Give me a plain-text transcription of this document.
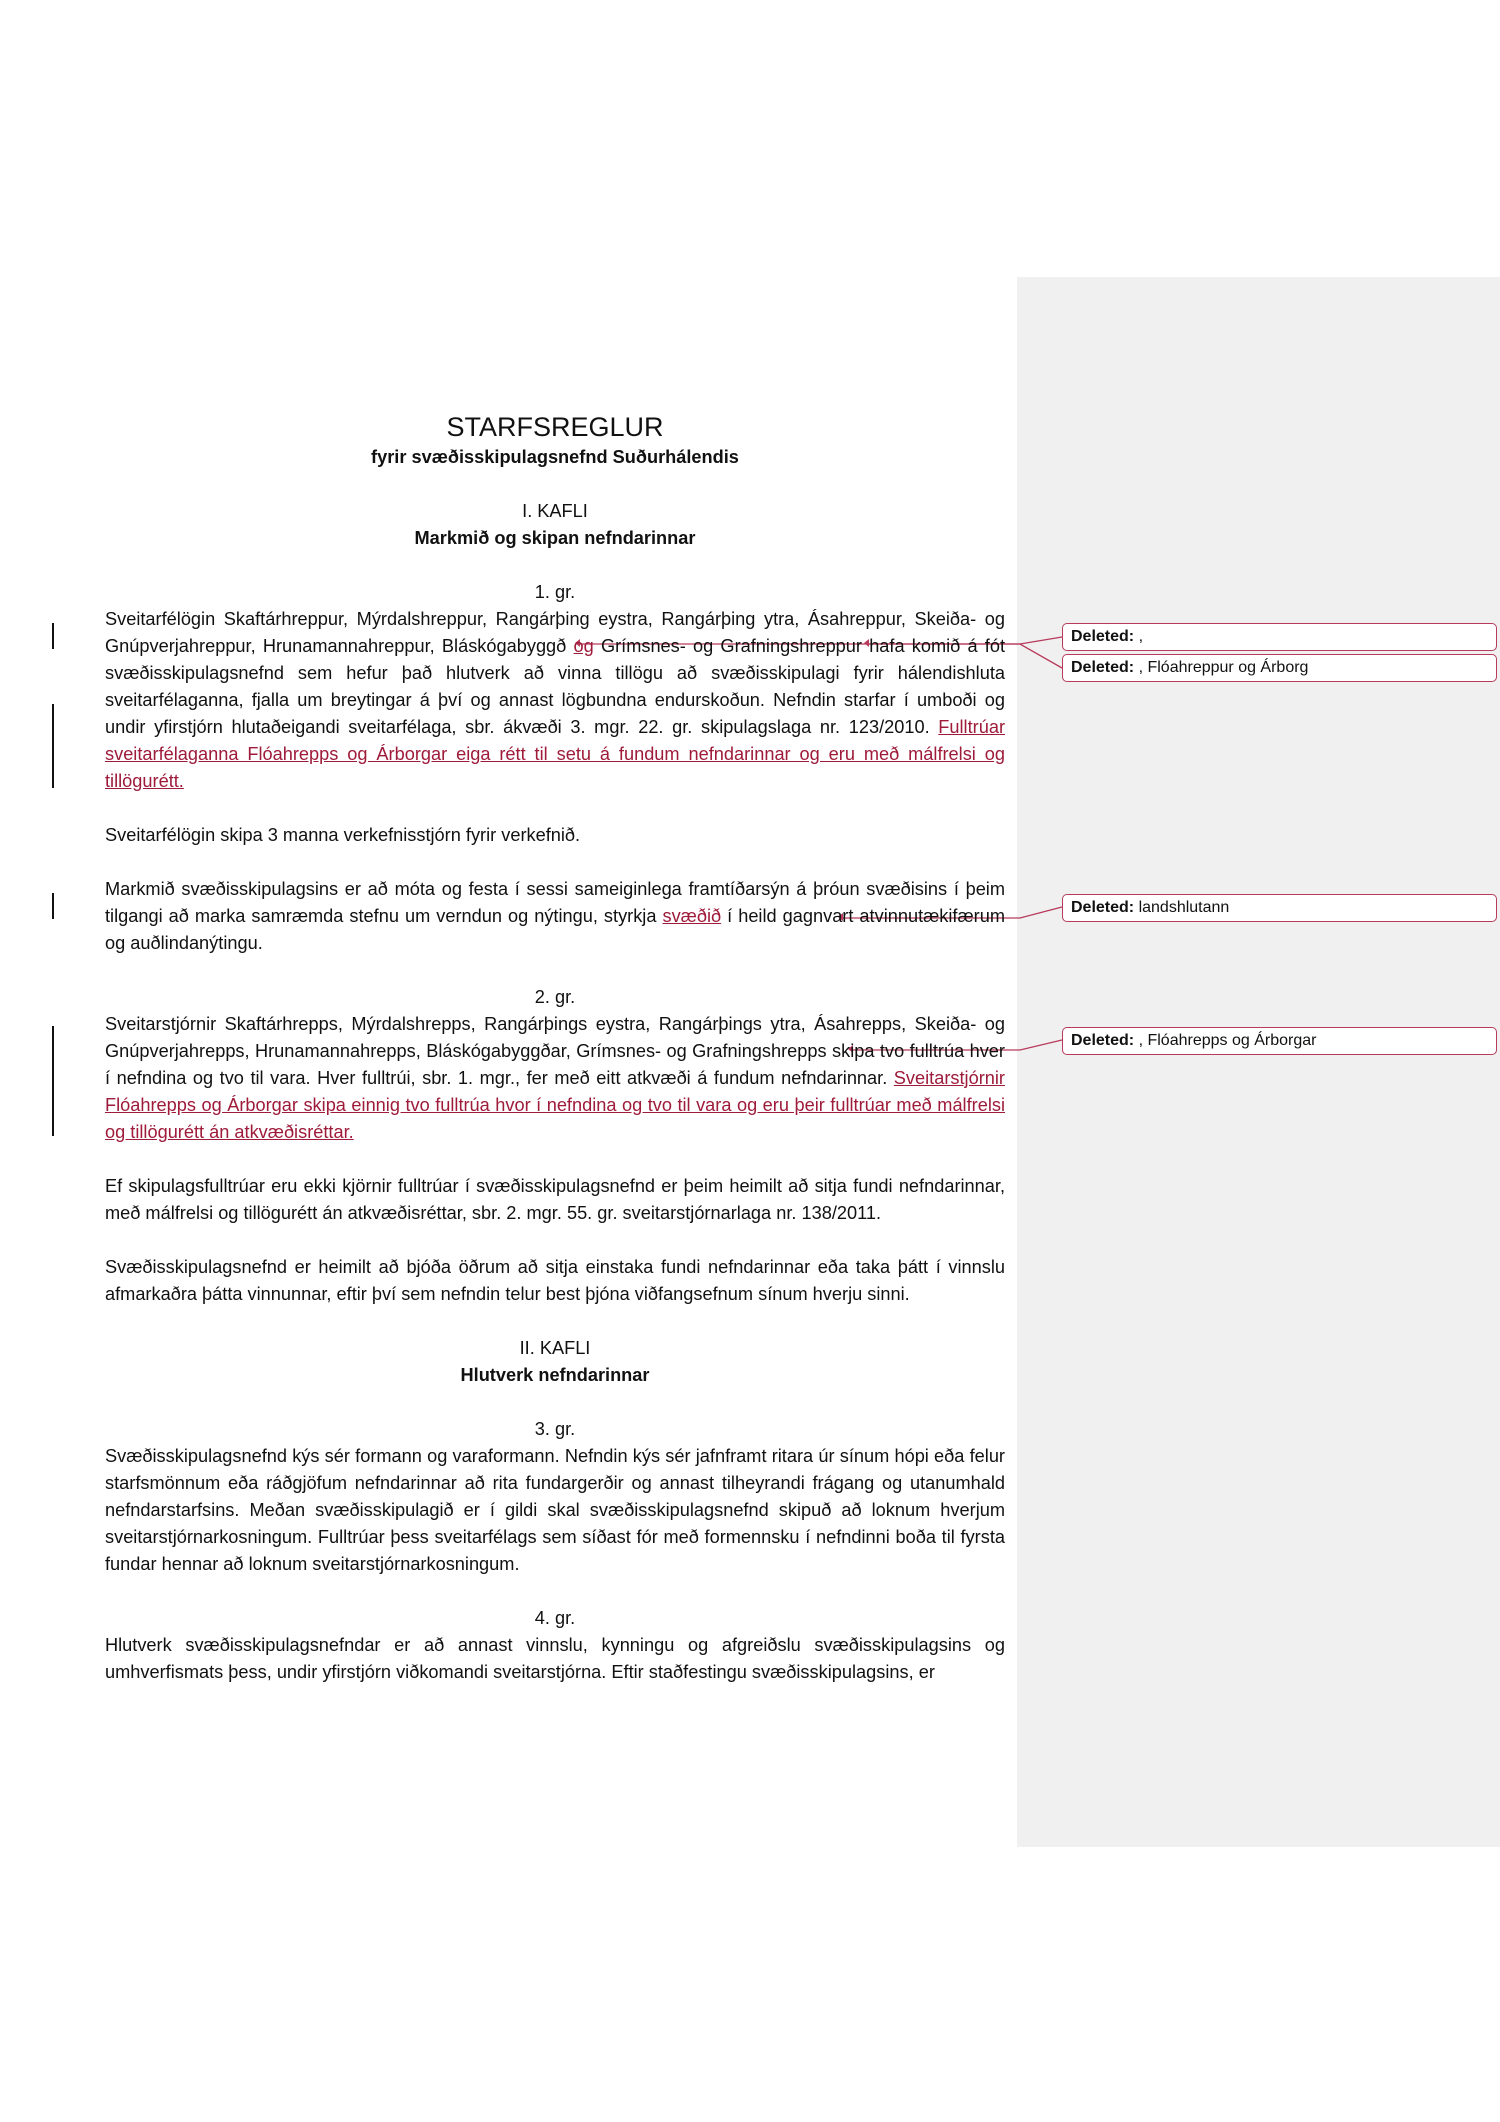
Deleted: ,
Deleted: , Flóahreppur og Árborg
Deleted: landshlutann
Deleted: , Flóahrepps og Árborgar
STARFSREGLUR
fyrir svæðisskipulagsnefnd Suðurhálendis
I. KAFLI
Markmið og skipan nefndarinnar
1. gr.

Sveitarfélögin Skaftárhreppur, Mýrdalshreppur, Rangárþing eystra, Rangárþing ytra, Ásahreppur, Skeiða- og Gnúpverjahreppur, Hrunamannahreppur, Bláskógabyggð og Grímsnes- og Grafningshreppur hafa komið á fót svæðisskipulagsnefnd sem hefur það hlutverk að vinna tillögu að svæðisskipulagi fyrir hálendishluta sveitarfélaganna, fjalla um breytingar á því og annast lögbundna endurskoðun. Nefndin starfar í umboði og undir yfirstjórn hlutaðeigandi sveitarfélaga, sbr. ákvæði 3. mgr. 22. gr. skipulagslaga nr. 123/2010. Fulltrúar sveitarfélaganna Flóahrepps og Árborgar eiga rétt til setu á fundum nefndarinnar og eru með málfrelsi og tillögurétt.

Sveitarfélögin skipa 3 manna verkefnisstjórn fyrir verkefnið.

Markmið svæðisskipulagsins er að móta og festa í sessi sameiginlega framtíðarsýn á þróun svæðisins í þeim tilgangi að marka samræmda stefnu um verndun og nýtingu, styrkja svæðið í heild gagnvart atvinnutækifærum og auðlindanýtingu.

2. gr.

Sveitarstjórnir Skaftárhrepps, Mýrdalshrepps, Rangárþings eystra, Rangárþings ytra, Ásahrepps, Skeiða- og Gnúpverjahrepps, Hrunamannahrepps, Bláskógabyggðar, Grímsnes- og Grafningshrepps skipa tvo fulltrúa hver í nefndina og tvo til vara. Hver fulltrúi, sbr. 1. mgr., fer með eitt atkvæði á fundum nefndarinnar. Sveitarstjórnir Flóahrepps og Árborgar skipa einnig tvo fulltrúa hvor í nefndina og tvo til vara og eru þeir fulltrúar með málfrelsi og tillögurétt án atkvæðisréttar.

Ef skipulagsfulltrúar eru ekki kjörnir fulltrúar í svæðisskipulagsnefnd er þeim heimilt að sitja fundi nefndarinnar, með málfrelsi og tillögurétt án atkvæðisréttar, sbr. 2. mgr. 55. gr. sveitarstjórnarlaga nr. 138/2011.

Svæðisskipulagsnefnd er heimilt að bjóða öðrum að sitja einstaka fundi nefndarinnar eða taka þátt í vinnslu afmarkaðra þátta vinnunnar, eftir því sem nefndin telur best þjóna viðfangsefnum sínum hverju sinni.

II. KAFLI
Hlutverk nefndarinnar
3. gr.

Svæðisskipulagsnefnd kýs sér formann og varaformann. Nefndin kýs sér jafnframt ritara úr sínum hópi eða felur starfsmönnum eða ráðgjöfum nefndarinnar að rita fundargerðir og annast tilheyrandi frágang og utanumhald nefndarstarfsins. Meðan svæðisskipulagið er í gildi skal svæðisskipulagsnefnd skipuð að loknum hverjum sveitarstjórnarkosningum. Fulltrúar þess sveitarfélags sem síðast fór með formennsku í nefndinni boða til fyrsta fundar hennar að loknum sveitarstjórnarkosningum.

4. gr.

Hlutverk svæðisskipulagsnefndar er að annast vinnslu, kynningu og afgreiðslu svæðisskipulagsins og umhverfismats þess, undir yfirstjórn viðkomandi sveitarstjórna. Eftir staðfestingu svæðisskipulagsins, er
